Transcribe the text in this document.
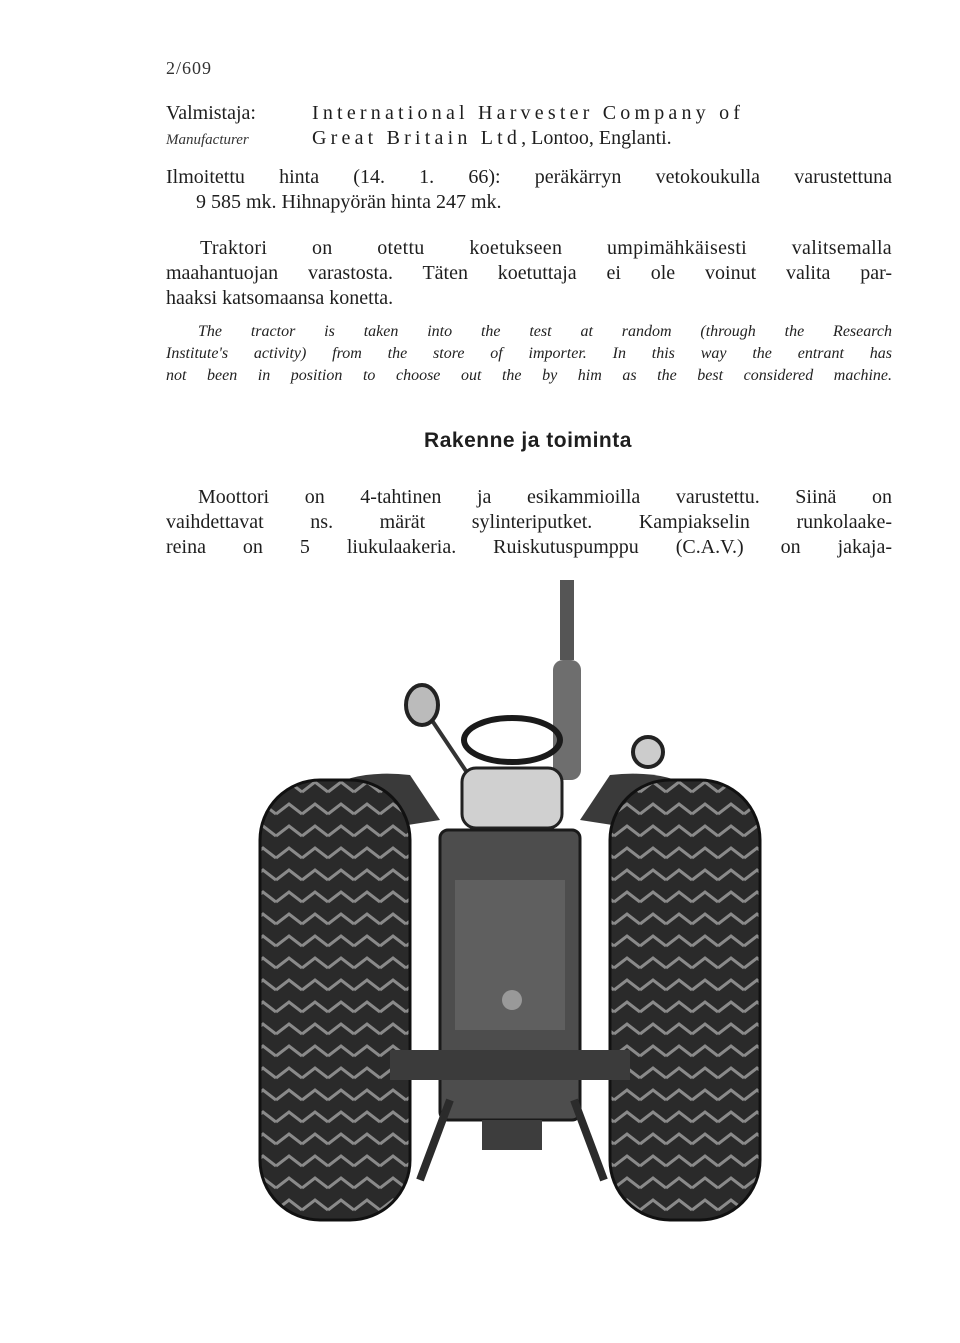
2/609
Valmistaja:	International Harvester Company of
Manufacturer	Great Britain Ltd, Lontoo, Englanti.
Ilmoitettu hinta (14. 1. 66): peräkärryn vetokoukulla varustettuna
9 585 mk. Hihnapyörän hinta 247 mk.
Traktori on otettu koetukseen umpimähkäisesti valitsemalla
maahantuojan varastosta. Täten koetuttaja ei ole voinut valita par-
haaksi katsomaansa konetta.
The tractor is taken into the test at random (through the Research
Institute's activity) from the store of importer. In this way the entrant has
not been in position to choose out the by him as the best considered machine.
Rakenne ja toiminta
Moottori on 4-tahtinen ja esikammioilla varustettu. Siinä on
vaihdettavat ns. märät sylinteriputket. Kampiakselin runkolaake-
reina on 5 liukulaakeria. Ruiskutuspumppu (C.A.V.) on jakaja-
